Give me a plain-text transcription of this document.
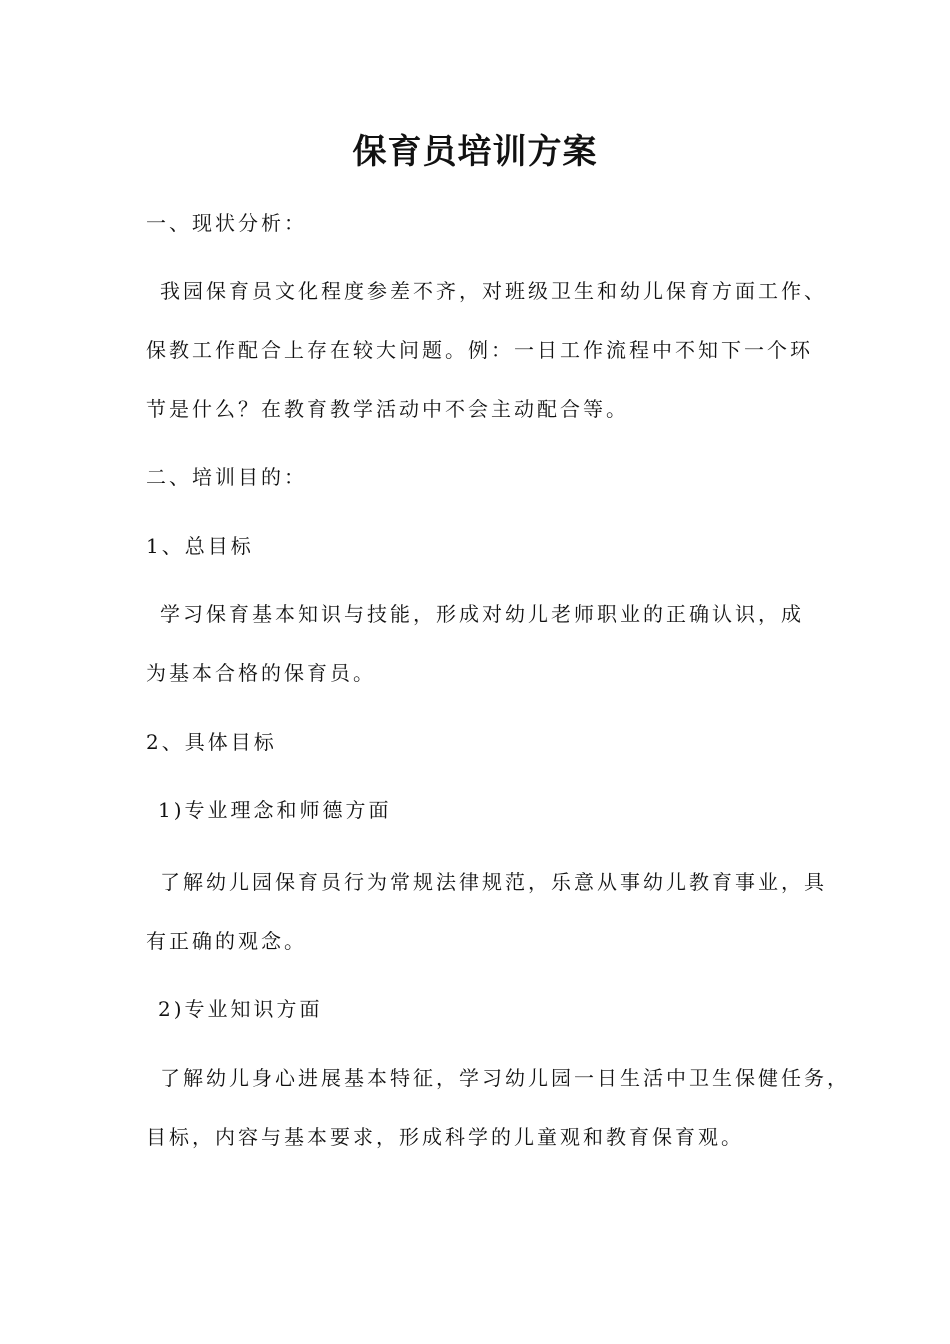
保育员培训方案
一、现状分析：
我园保育员文化程度参差不齐，对班级卫生和幼儿保育方面工作、
保教工作配合上存在较大问题。例：一日工作流程中不知下一个环
节是什么？在教育教学活动中不会主动配合等。
二、培训目的：
1、总目标
学习保育基本知识与技能，形成对幼儿老师职业的正确认识，成
为基本合格的保育员。
2、具体目标
1)专业理念和师德方面
了解幼儿园保育员行为常规法律规范，乐意从事幼儿教育事业，具
有正确的观念。
2)专业知识方面
了解幼儿身心进展基本特征，学习幼儿园一日生活中卫生保健任务，
目标，内容与基本要求，形成科学的儿童观和教育保育观。
